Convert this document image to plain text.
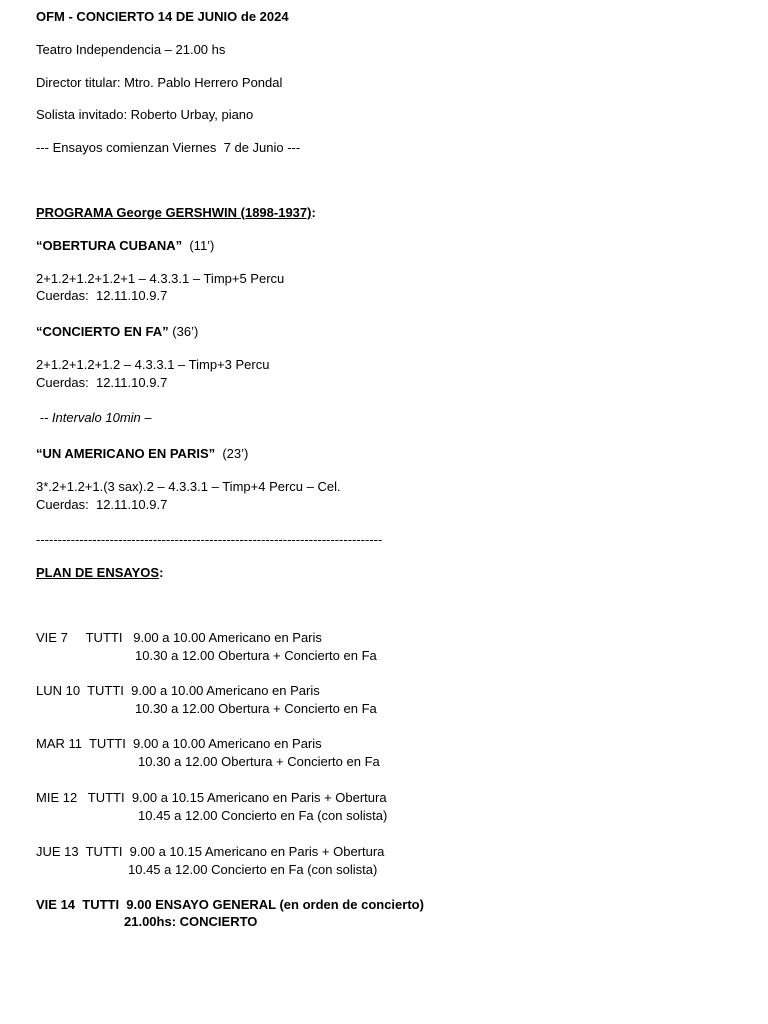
OFM - CONCIERTO 14 DE JUNIO de 2024
Teatro Independencia – 21.00 hs
Director titular: Mtro. Pablo Herrero Pondal
Solista invitado: Roberto Urbay, piano
--- Ensayos comienzan Viernes  7 de Junio ---
PROGRAMA George GERSHWIN (1898-1937):
“OBERTURA CUBANA”  (11’)
2+1.2+1.2+1.2+1 – 4.3.3.1 – Timp+5 Percu
Cuerdas:  12.11.10.9.7
“CONCIERTO EN FA” (36’)
2+1.2+1.2+1.2 – 4.3.3.1 – Timp+3 Percu
Cuerdas:  12.11.10.9.7
-- Intervalo 10min –
“UN AMERICANO EN PARIS”  (23’)
3*.2+1.2+1.(3 sax).2 – 4.3.3.1 – Timp+4 Percu – Cel.
Cuerdas:  12.11.10.9.7
--------------------------------------------------------------------------------
PLAN DE ENSAYOS:
VIE 7     TUTTI   9.00 a 10.00 Americano en Paris
10.30 a 12.00 Obertura + Concierto en Fa
LUN 10  TUTTI  9.00 a 10.00 Americano en Paris
10.30 a 12.00 Obertura + Concierto en Fa
MAR 11  TUTTI  9.00 a 10.00 Americano en Paris
10.30 a 12.00 Obertura + Concierto en Fa
MIE 12   TUTTI  9.00 a 10.15 Americano en Paris + Obertura
10.45 a 12.00 Concierto en Fa (con solista)
JUE 13  TUTTI  9.00 a 10.15 Americano en Paris + Obertura
10.45 a 12.00 Concierto en Fa (con solista)
VIE 14  TUTTI  9.00 ENSAYO GENERAL (en orden de concierto)
21.00hs: CONCIERTO
